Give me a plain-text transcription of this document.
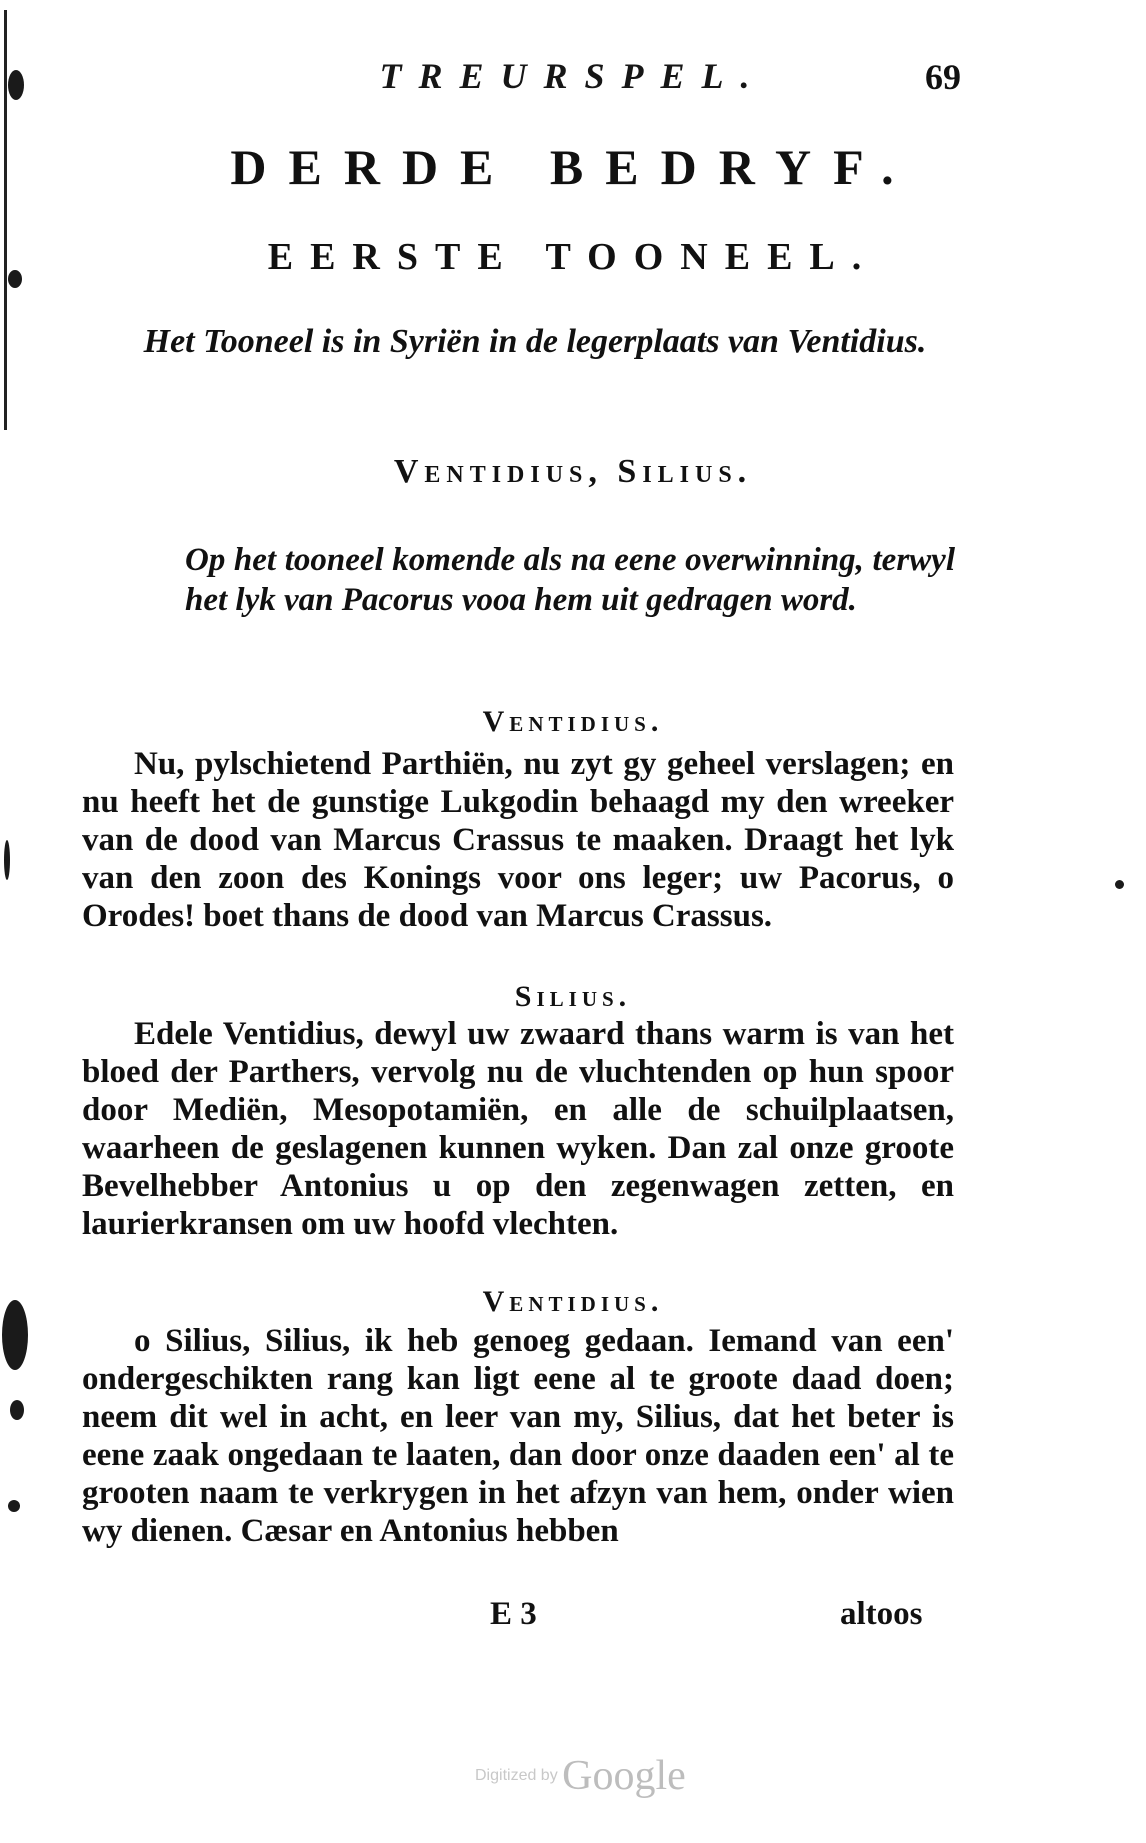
TREURSPEL.	69
DERDE BEDRYF.
EERSTE TOONEEL.
Het Tooneel is in Syriën in de legerplaats van Ventidius.
Ventidius, Silius.
Op het tooneel komende als na eene overwinning, terwyl het lyk van Pacorus vooa hem uit gedragen word.
Ventidius.
Nu, pylschietend Parthiën, nu zyt gy geheel verslagen; en nu heeft het de gunstige Lukgodin behaagd my den wreeker van de dood van Marcus Crassus te maaken. Draagt het lyk van den zoon des Konings voor ons leger; uw Pacorus, o Orodes! boet thans de dood van Marcus Crassus.
Silius.
Edele Ventidius, dewyl uw zwaard thans warm is van het bloed der Parthers, vervolg nu de vluchtenden op hun spoor door Mediën, Mesopotamiën, en alle de schuilplaatsen, waarheen de geslagenen kunnen wyken. Dan zal onze groote Bevelhebber Antonius u op den zegenwagen zetten, en laurierkransen om uw hoofd vlechten.
Ventidius.
o Silius, Silius, ik heb genoeg gedaan. Iemand van een' ondergeschikten rang kan ligt eene al te groote daad doen; neem dit wel in acht, en leer van my, Silius, dat het beter is eene zaak ongedaan te laaten, dan door onze daaden een' al te grooten naam te verkrygen in het afzyn van hem, onder wien wy dienen. Cæsar en Antonius hebben
E 3	altoos
Digitized by Google
